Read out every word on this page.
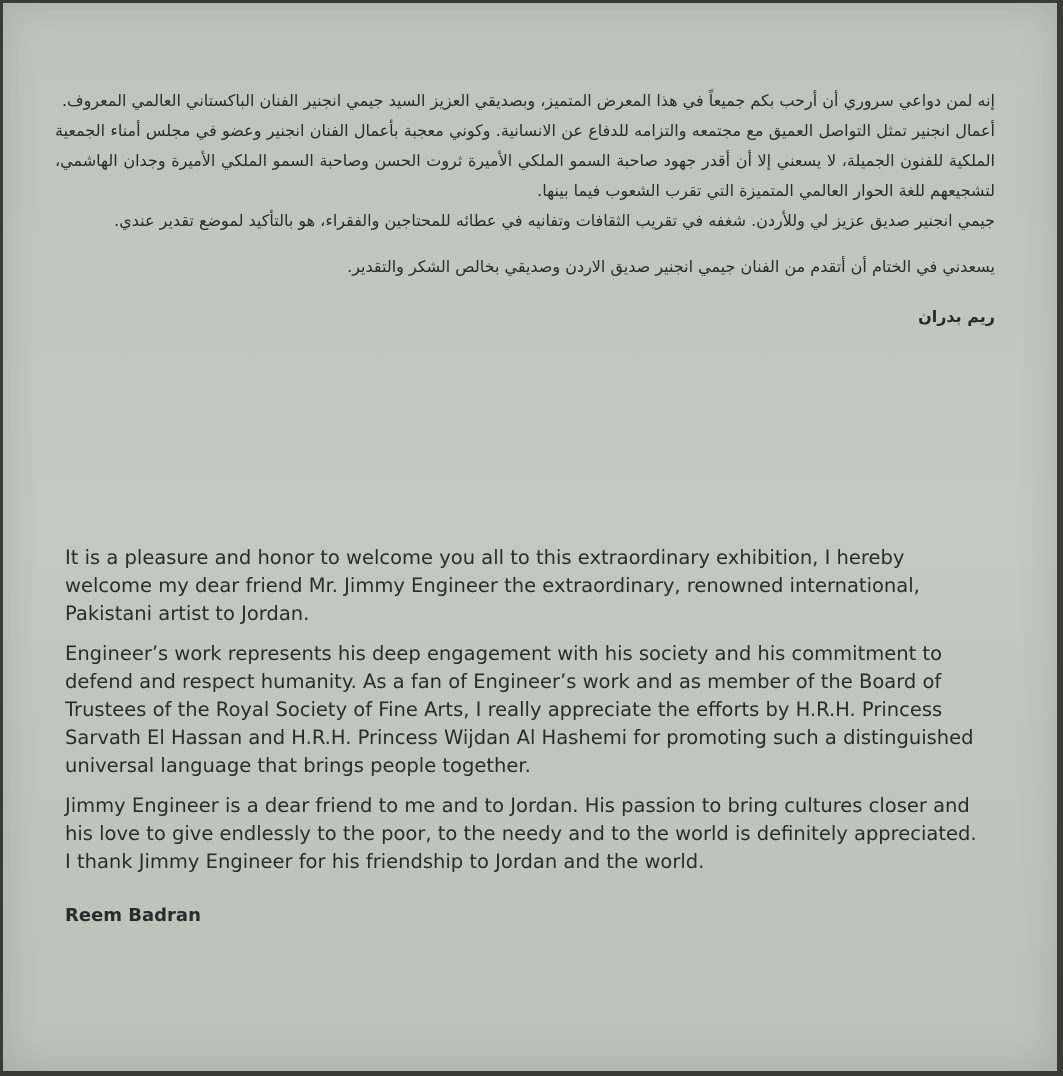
إنه لمن دواعي سروري أن أرحب بكم جميعاً في هذا المعرض المتميز، وبصديقي العزيز السيد جيمي انجنير الفنان الباكستاني العالمي المعروف.

أعمال انجنير تمثل التواصل العميق مع مجتمعه والتزامه للدفاع عن الانسانية. وكوني معجبة بأعمال الفنان انجنير وعضو في مجلس أمناء الجمعية الملكية للفنون الجميلة، لا يسعني إلا أن أقدر جهود صاحبة السمو الملكي الأميرة ثروت الحسن وصاحبة السمو الملكي الأميرة وجدان الهاشمي، لتشجيعهم للغة الحوار العالمي المتميزة التي تقرب الشعوب فيما بينها.

جيمي انجنير صديق عزيز لي وللأردن. شغفه في تقريب الثقافات وتفانيه في عطائه للمحتاجين والفقراء، هو بالتأكيد لموضع تقدير عندي.

يسعدني في الختام أن أتقدم من الفنان جيمي انجنير صديق الاردن وصديقي بخالص الشكر والتقدير.

ريم بدران

It is a pleasure and honor to welcome you all to this extraordinary exhibition, I hereby welcome my dear friend Mr. Jimmy Engineer the extraordinary, renowned international, Pakistani artist to Jordan.

Engineer’s work represents his deep engagement with his society and his commitment to defend and respect humanity. As a fan of Engineer’s work and as member of the Board of Trustees of the Royal Society of Fine Arts, I really appreciate the efforts by H.R.H. Princess Sarvath El Hassan and H.R.H. Princess Wijdan Al Hashemi for promoting such a distinguished universal language that brings people together.

Jimmy Engineer is a dear friend to me and to Jordan. His passion to bring cultures closer and his love to give endlessly to the poor, to the needy and to the world is definitely appreciated.

I thank Jimmy Engineer for his friendship to Jordan and the world.

Reem Badran
